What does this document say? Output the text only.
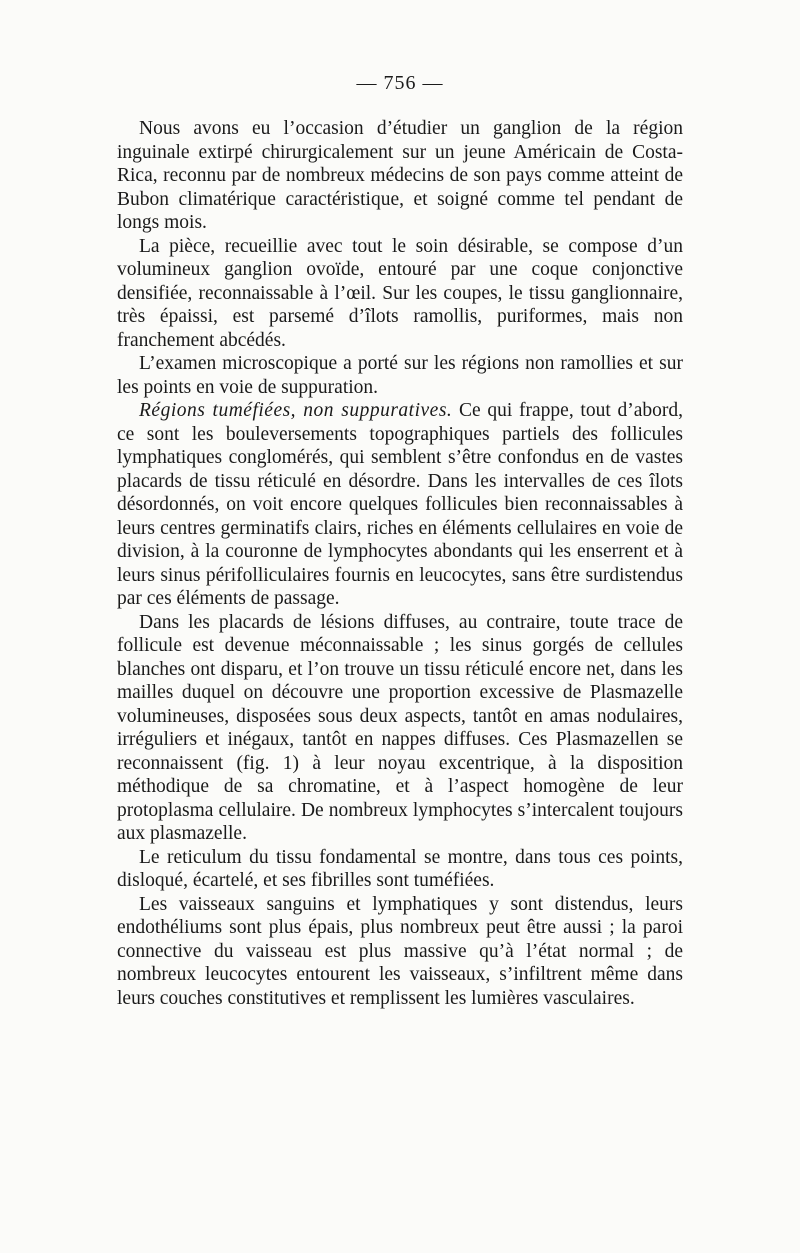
— 756 —

Nous avons eu l’occasion d’étudier un ganglion de la région inguinale extirpé chirurgicalement sur un jeune Américain de Costa-Rica, reconnu par de nombreux médecins de son pays comme atteint de Bubon climatérique caractéristique, et soigné comme tel pendant de longs mois.

La pièce, recueillie avec tout le soin désirable, se compose d’un volumineux ganglion ovoïde, entouré par une coque conjonctive densifiée, reconnaissable à l’œil. Sur les coupes, le tissu ganglionnaire, très épaissi, est parsemé d’îlots ramollis, puriformes, mais non franchement abcédés.

L’examen microscopique a porté sur les régions non ramollies et sur les points en voie de suppuration.

Régions tuméfiées, non suppuratives. Ce qui frappe, tout d’abord, ce sont les bouleversements topographiques partiels des follicules lymphatiques conglomérés, qui semblent s’être confondus en de vastes placards de tissu réticulé en désordre. Dans les intervalles de ces îlots désordonnés, on voit encore quelques follicules bien reconnaissables à leurs centres germinatifs clairs, riches en éléments cellulaires en voie de division, à la couronne de lymphocytes abondants qui les enserrent et à leurs sinus périfolliculaires fournis en leucocytes, sans être surdistendus par ces éléments de passage.

Dans les placards de lésions diffuses, au contraire, toute trace de follicule est devenue méconnaissable ; les sinus gorgés de cellules blanches ont disparu, et l’on trouve un tissu réticulé encore net, dans les mailles duquel on découvre une proportion excessive de Plasmazelle volumineuses, disposées sous deux aspects, tantôt en amas nodulaires, irréguliers et inégaux, tantôt en nappes diffuses. Ces Plasmazellen se reconnaissent (fig. 1) à leur noyau excentrique, à la disposition méthodique de sa chromatine, et à l’aspect homogène de leur protoplasma cellulaire. De nombreux lymphocytes s’intercalent toujours aux plasmazelle.

Le reticulum du tissu fondamental se montre, dans tous ces points, disloqué, écartelé, et ses fibrilles sont tuméfiées.

Les vaisseaux sanguins et lymphatiques y sont distendus, leurs endothéliums sont plus épais, plus nombreux peut être aussi ; la paroi connective du vaisseau est plus massive qu’à l’état normal ; de nombreux leucocytes entourent les vaisseaux, s’infiltrent même dans leurs couches constitutives et remplissent les lumières vasculaires.
